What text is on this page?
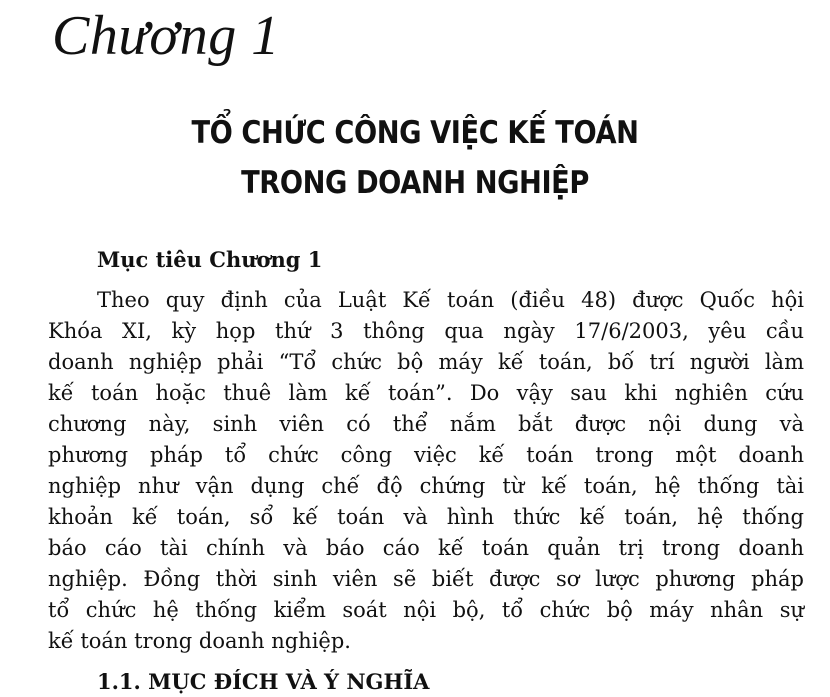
Chương 1
TỔ CHỨC CÔNG VIỆC KẾ TOÁN
TRONG DOANH NGHIỆP
Mục tiêu Chương 1
Theo quy định của Luật Kế toán (điều 48) được Quốc hội
Khóa XI, kỳ họp thứ 3 thông qua ngày 17/6/2003, yêu cầu
doanh nghiệp phải “Tổ chức bộ máy kế toán, bố trí người làm
kế toán hoặc thuê làm kế toán”. Do vậy sau khi nghiên cứu
chương này, sinh viên có thể nắm bắt được nội dung và
phương pháp tổ chức công việc kế toán trong một doanh
nghiệp như vận dụng chế độ chứng từ kế toán, hệ thống tài
khoản kế toán, sổ kế toán và hình thức kế toán, hệ thống
báo cáo tài chính và báo cáo kế toán quản trị trong doanh
nghiệp. Đồng thời sinh viên sẽ biết được sơ lược phương pháp
tổ chức hệ thống kiểm soát nội bộ, tổ chức bộ máy nhân sự
kế toán trong doanh nghiệp.
1.1. MỤC ĐÍCH VÀ Ý NGHĨA
